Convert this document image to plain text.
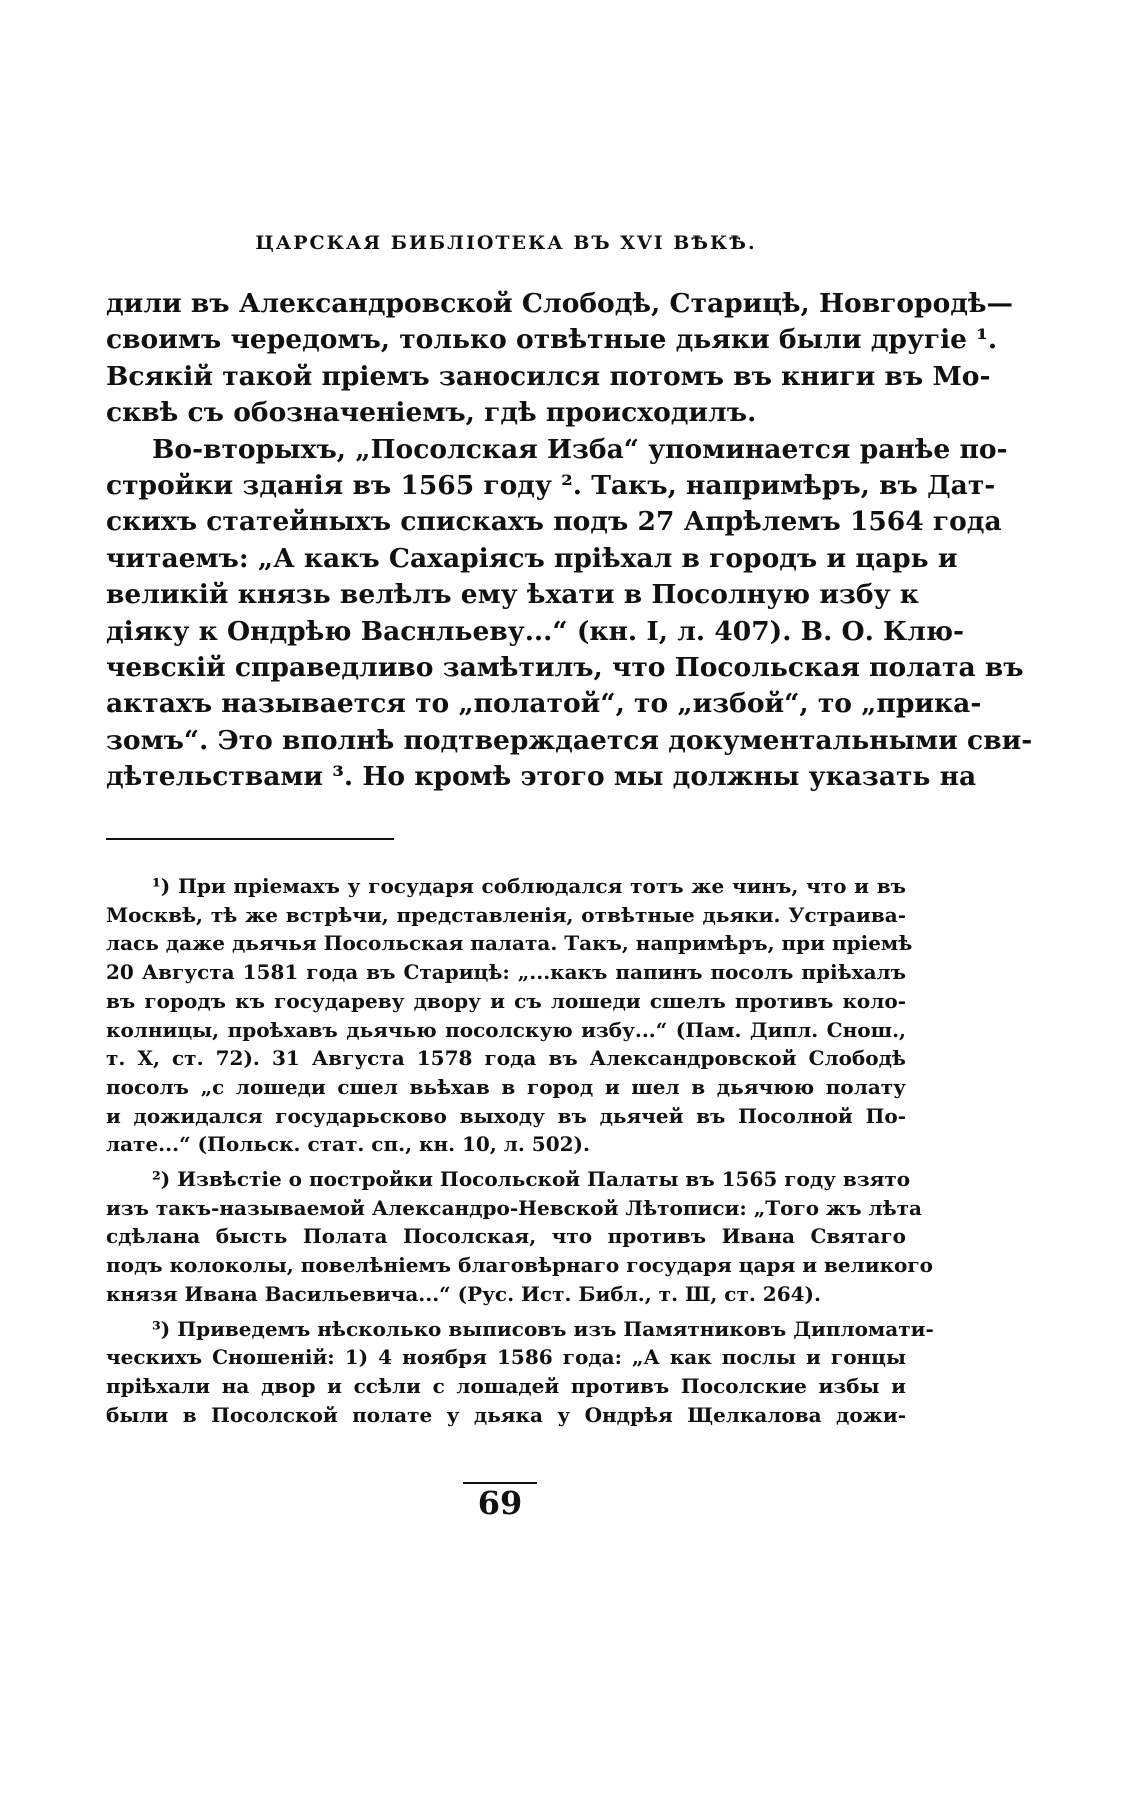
ЦАРСКАЯ БИБЛІОТЕКА ВЪ XVI ВѢКѢ.
дили въ Александровской Слободѣ, Старицѣ, Новгородѣ—
своимъ чередомъ, только отвѣтные дьяки были другіе ¹.
Всякій такой пріемъ заносился потомъ въ книги въ Мо-
сквѣ съ обозначеніемъ, гдѣ происходилъ.
Во-вторыхъ, „Посолская Изба“ упоминается ранѣе по-
стройки зданія въ 1565 году ². Такъ, напримѣръ, въ Дат-
скихъ статейныхъ спискахъ подъ 27 Апрѣлемъ 1564 года
читаемъ: „А какъ Сахаріясъ пріѣхал в городъ и царь и
великій князь велѣлъ ему ѣхати в Посолную избу к
діяку к Ондрѣю Васнльеву...“ (кн. I, л. 407). В. О. Клю-
чевскій справедливо замѣтилъ, что Посольская полата въ
актахъ называется то „полатой“, то „избой“, то „прика-
зомъ“. Это вполнѣ подтверждается документальными сви-
дѣтельствами ³. Но кромѣ этого мы должны указать на
¹) При пріемахъ у государя соблюдался тотъ же чинъ, что и въ
Москвѣ, тѣ же встрѣчи, представленія, отвѣтные дьяки. Устраива-
лась даже дьячья Посольская палата. Такъ, напримѣръ, при пріемѣ
20 Августа 1581 года въ Старицѣ: „...какъ папинъ посолъ пріѣхалъ
въ городъ къ государеву двору и съ лошеди сшелъ противъ коло-
колницы, проѣхавъ дьячью посолскую избу...“ (Пам. Дипл. Снош.,
т. X, ст. 72). 31 Августа 1578 года въ Александровской Слободѣ
посолъ „с лошеди сшел вьѣхав в город и шел в дьячюю полату
и дожидался государьсково выходу въ дьячей въ Посолной По-
лате...“ (Польск. стат. сп., кн. 10, л. 502).
²) Извѣстіе о постройки Посольской Палаты въ 1565 году взято
изъ такъ-называемой Александро-Невской Лѣтописи: „Того жъ лѣта
сдѣлана бысть Полата Посолская, что противъ Ивана Святаго
подъ колоколы, повелѣніемъ благовѣрнаго государя царя и великого
князя Ивана Васильевича...“ (Рус. Ист. Библ., т. Ш, ст. 264).
³) Приведемъ нѣсколько выписовъ изъ Памятниковъ Дипломати-
ческихъ Сношеній: 1) 4 ноября 1586 года: „А как послы и гонцы
пріѣхали на двор и ссѣли с лошадей противъ Посолские избы и
были в Посолской полате у дьяка у Ондрѣя Щелкалова дожи-
69
